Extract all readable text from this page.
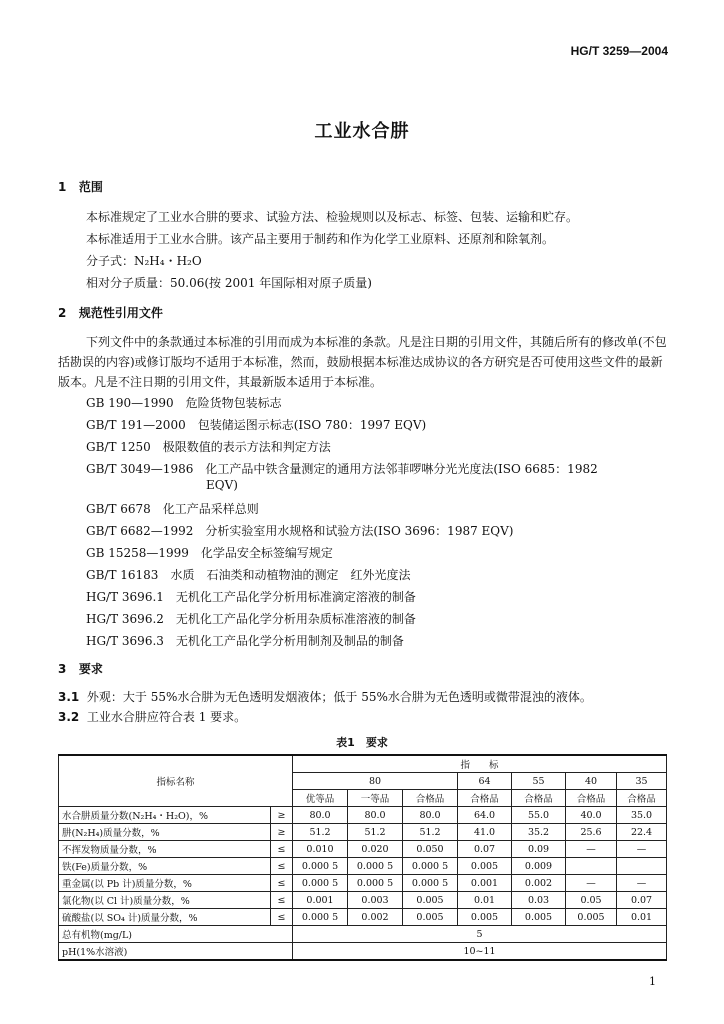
HG/T 3259—2004
工业水合肼
1 范围
本标准规定了工业水合肼的要求、试验方法、检验规则以及标志、标签、包装、运输和贮存。
本标准适用于工业水合肼。该产品主要用于制药和作为化学工业原料、还原剂和除氧剂。
分子式：N₂H₄・H₂O
相对分子质量：50.06(按 2001 年国际相对原子质量)
2 规范性引用文件
下列文件中的条款通过本标准的引用而成为本标准的条款。凡是注日期的引用文件，其随后所有的修改单(不包括勘误的内容)或修订版均不适用于本标准，然而，鼓励根据本标准达成协议的各方研究是否可使用这些文件的最新版本。凡是不注日期的引用文件，其最新版本适用于本标准。
GB 190—1990　危险货物包装标志
GB/T 191—2000　包装储运图示标志(ISO 780：1997 EQV)
GB/T 1250　极限数值的表示方法和判定方法
GB/T 3049—1986　化工产品中铁含量测定的通用方法邻菲啰啉分光光度法(ISO 6685：1982
EQV)
GB/T 6678　化工产品采样总则
GB/T 6682—1992　分析实验室用水规格和试验方法(ISO 3696：1987 EQV)
GB 15258—1999　化学品安全标签编写规定
GB/T 16183　水质　石油类和动植物油的测定　红外光度法
HG/T 3696.1　无机化工产品化学分析用标准滴定溶液的制备
HG/T 3696.2　无机化工产品化学分析用杂质标准溶液的制备
HG/T 3696.3　无机化工产品化学分析用制剂及制品的制备
3 要求
3.1 外观：大于 55%水合肼为无色透明发烟液体；低于 55%水合肼为无色透明或微带混浊的液体。
3.2 工业水合肼应符合表 1 要求。
表1　要求
指标名称		指　　标						
		80			64	55	40	35
		优等品	一等品	合格品	合格品	合格品	合格品	合格品
水合肼质量分数(N₂H₄・H₂O)，%	≥	80.0	80.0	80.0	64.0	55.0	40.0	35.0
肼(N₂H₄)质量分数，%	≥	51.2	51.2	51.2	41.0	35.2	25.6	22.4
不挥发物质量分数，%	≤	0.010	0.020	0.050	0.07	0.09	—	—
铁(Fe)质量分数，%	≤	0.000 5	0.000 5	0.000 5	0.005	0.009		
重金属(以 Pb 计)质量分数，%	≤	0.000 5	0.000 5	0.000 5	0.001	0.002	—	—
氯化物(以 Cl 计)质量分数，%	≤	0.001	0.003	0.005	0.01	0.03	0.05	0.07
硫酸盐(以 SO₄ 计)质量分数，%	≤	0.000 5	0.002	0.005	0.005	0.005	0.005	0.01
总有机物(mg/L)		5						
pH(1%水溶液)		10~11						
1
